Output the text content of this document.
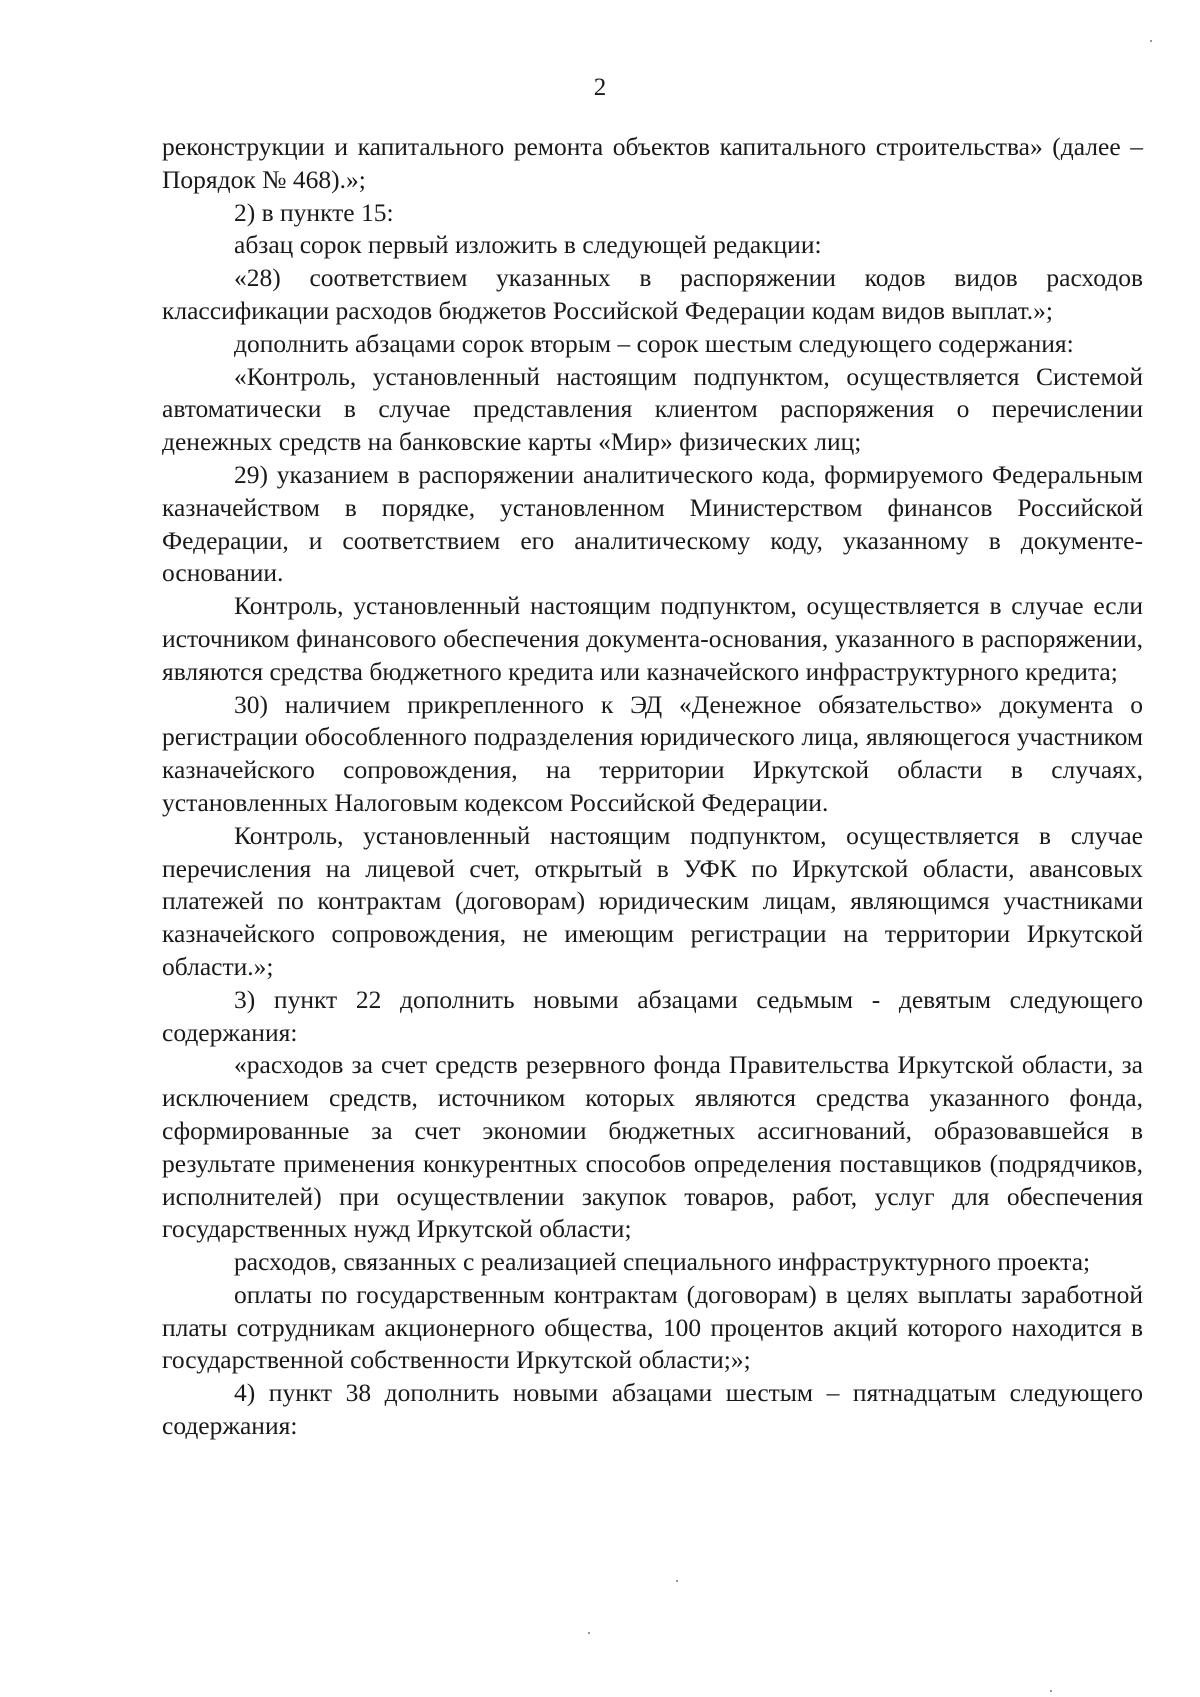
2

реконструкции и капитального ремонта объектов капитального строительства» (далее – Порядок № 468).»;

2) в пункте 15:

абзац сорок первый изложить в следующей редакции:

«28) соответствием указанных в распоряжении кодов видов расходов классификации расходов бюджетов Российской Федерации кодам видов выплат.»;

дополнить абзацами сорок вторым – сорок шестым следующего содержания:

«Контроль, установленный настоящим подпунктом, осуществляется Системой автоматически в случае представления клиентом распоряжения о перечислении денежных средств на банковские карты «Мир» физических лиц;

29) указанием в распоряжении аналитического кода, формируемого Федеральным казначейством в порядке, установленном Министерством финансов Российской Федерации, и соответствием его аналитическому коду, указанному в документе-основании.

Контроль, установленный настоящим подпунктом, осуществляется в случае если источником финансового обеспечения документа-основания, указанного в распоряжении, являются средства бюджетного кредита или казначейского инфраструктурного кредита;

30) наличием прикрепленного к ЭД «Денежное обязательство» документа о регистрации обособленного подразделения юридического лица, являющегося участником казначейского сопровождения, на территории Иркутской области в случаях, установленных Налоговым кодексом Российской Федерации.

Контроль, установленный настоящим подпунктом, осуществляется в случае перечисления на лицевой счет, открытый в УФК по Иркутской области, авансовых платежей по контрактам (договорам) юридическим лицам, являющимся участниками казначейского сопровождения, не имеющим регистрации на территории Иркутской области.»;

3) пункт 22 дополнить новыми абзацами седьмым - девятым следующего содержания:

«расходов за счет средств резервного фонда Правительства Иркутской области, за исключением средств, источником которых являются средства указанного фонда, сформированные за счет экономии бюджетных ассигнований, образовавшейся в результате применения конкурентных способов определения поставщиков (подрядчиков, исполнителей) при осуществлении закупок товаров, работ, услуг для обеспечения государственных нужд Иркутской области;

расходов, связанных с реализацией специального инфраструктурного проекта;

оплаты по государственным контрактам (договорам) в целях выплаты заработной платы сотрудникам акционерного общества, 100 процентов акций которого находится в государственной собственности Иркутской области;»;

4) пункт 38 дополнить новыми абзацами шестым – пятнадцатым следующего содержания:
